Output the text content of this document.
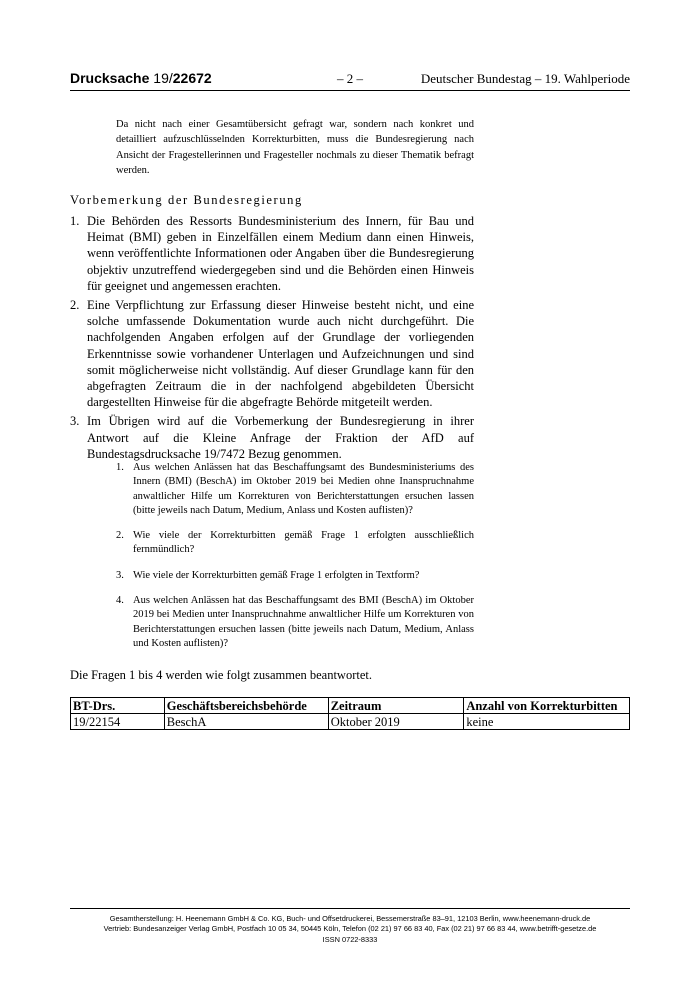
Drucksache 19/22672	– 2 –	Deutscher Bundestag – 19. Wahlperiode
Da nicht nach einer Gesamtübersicht gefragt war, sondern nach konkret und detailliert aufzuschlüsselnden Korrekturbitten, muss die Bundesregierung nach Ansicht der Fragestellerinnen und Fragesteller nochmals zu dieser Thematik befragt werden.
Vorbemerkung der Bundesregierung
1. Die Behörden des Ressorts Bundesministerium des Innern, für Bau und Heimat (BMI) geben in Einzelfällen einem Medium dann einen Hinweis, wenn veröffentlichte Informationen oder Angaben über die Bundesregierung objektiv unzutreffend wiedergegeben sind und die Behörden einen Hinweis für geeignet und angemessen erachten.
2. Eine Verpflichtung zur Erfassung dieser Hinweise besteht nicht, und eine solche umfassende Dokumentation wurde auch nicht durchgeführt. Die nachfolgenden Angaben erfolgen auf der Grundlage der vorliegenden Erkenntnisse sowie vorhandener Unterlagen und Aufzeichnungen und sind somit möglicherweise nicht vollständig. Auf dieser Grundlage kann für den abgefragten Zeitraum die in der nachfolgend abgebildeten Übersicht dargestellten Hinweise für die abgefragte Behörde mitgeteilt werden.
3. Im Übrigen wird auf die Vorbemerkung der Bundesregierung in ihrer Antwort auf die Kleine Anfrage der Fraktion der AfD auf Bundestagsdrucksache 19/7472 Bezug genommen.
1. Aus welchen Anlässen hat das Beschaffungsamt des Bundesministeriums des Innern (BMI) (BeschA) im Oktober 2019 bei Medien ohne Inanspruchnahme anwaltlicher Hilfe um Korrekturen von Berichterstattungen ersuchen lassen (bitte jeweils nach Datum, Medium, Anlass und Kosten auflisten)?
2. Wie viele der Korrekturbitten gemäß Frage 1 erfolgten ausschließlich fernmündlich?
3. Wie viele der Korrekturbitten gemäß Frage 1 erfolgten in Textform?
4. Aus welchen Anlässen hat das Beschaffungsamt des BMI (BeschA) im Oktober 2019 bei Medien unter Inanspruchnahme anwaltlicher Hilfe um Korrekturen von Berichterstattungen ersuchen lassen (bitte jeweils nach Datum, Medium, Anlass und Kosten auflisten)?
Die Fragen 1 bis 4 werden wie folgt zusammen beantwortet.
BT-Drs.	Geschäftsbereichsbehörde	Zeitraum	Anzahl von Korrekturbitten
19/22154	BeschA	Oktober 2019	keine
Gesamtherstellung: H. Heenemann GmbH & Co. KG, Buch- und Offsetdruckerei, Bessemerstraße 83–91, 12103 Berlin, www.heenemann-druck.de
Vertrieb: Bundesanzeiger Verlag GmbH, Postfach 10 05 34, 50445 Köln, Telefon (02 21) 97 66 83 40, Fax (02 21) 97 66 83 44, www.betrifft-gesetze.de
ISSN 0722-8333
